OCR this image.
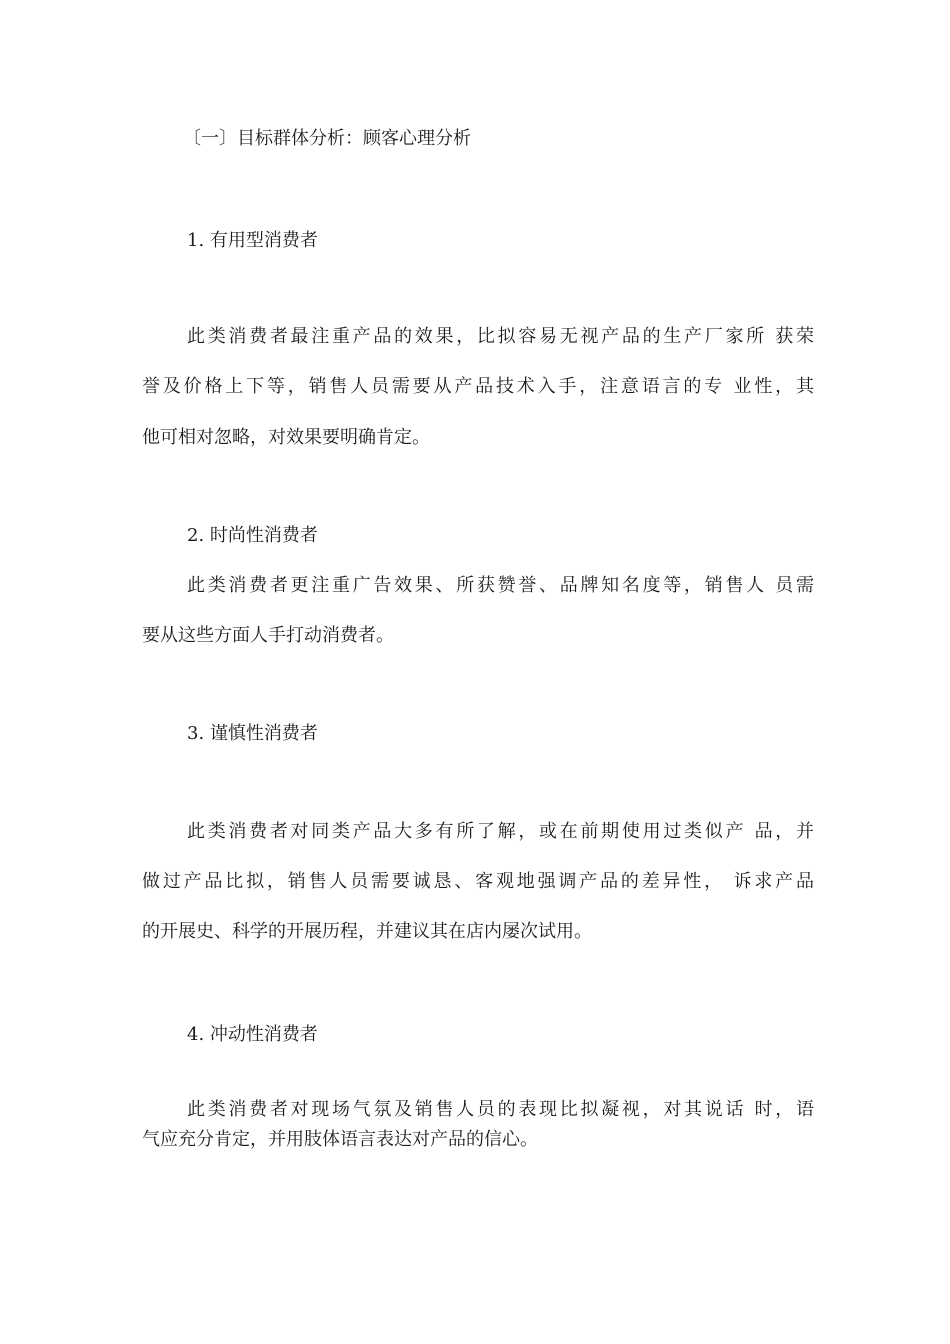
〔一〕目标群体分析：顾客心理分析
1. 有用型消费者
此类消费者最注重产品的效果，比拟容易无视产品的生产厂家所 获荣
誉及价格上下等，销售人员需要从产品技术入手，注意语言的专 业性，其
他可相对忽略，对效果要明确肯定。
2. 时尚性消费者
此类消费者更注重广告效果、所获赞誉、品牌知名度等，销售人 员需
要从这些方面人手打动消费者。
3. 谨慎性消费者
此类消费者对同类产品大多有所了解，或在前期使用过类似产 品，并
做过产品比拟，销售人员需要诚恳、客观地强调产品的差异性， 诉求产品
的开展史、科学的开展历程，并建议其在店内屡次试用。
4. 冲动性消费者
此类消费者对现场气氛及销售人员的表现比拟凝视，对其说话 时，语
气应充分肯定，并用肢体语言表达对产品的信心。
